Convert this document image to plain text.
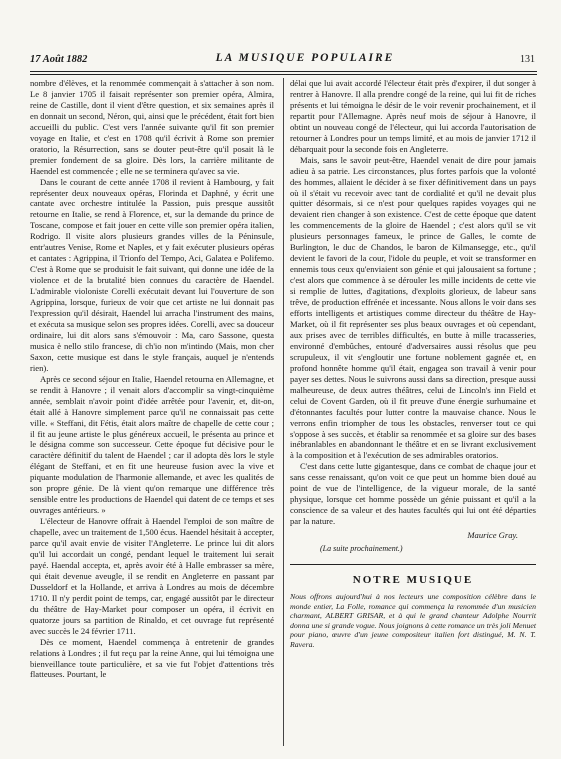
17 Août 1882	LA MUSIQUE POPULAIRE	131

nombre d'élèves, et la renommée commençait à s'attacher à son nom. Le 8 janvier 1705 il faisait représenter son premier opéra, Almira, reine de Castille, dont il vient d'être question, et six semaines après il en donnait un second, Néron, qui, ainsi que le précédent, était fort bien accueilli du public. C'est vers l'année suivante qu'il fit son premier voyage en Italie, et c'est en 1708 qu'il écrivit à Rome son premier oratorio, la Résurrection, sans se douter peut-être qu'il posait là le premier fondement de sa gloire. Dès lors, la carrière militante de Haendel est commencée ; elle ne se terminera qu'avec sa vie.

Dans le courant de cette année 1708 il revient à Hambourg, y fait représenter deux nouveaux opéras, Florinda et Daphné, y écrit une cantate avec orchestre intitulée la Passion, puis presque aussitôt retourne en Italie, se rend à Florence, et, sur la demande du prince de Toscane, compose et fait jouer en cette ville son premier opéra italien, Rodrigo. Il visite alors plusieurs grandes villes de la Péninsule, entr'autres Venise, Rome et Naples, et y fait exécuter plusieurs opéras et cantates : Agrippina, il Trionfo del Tempo, Aci, Galatea e Polifemo. C'est à Rome que se produisit le fait suivant, qui donne une idée de la violence et de la brutalité bien connues du caractère de Haendel. L'admirable violoniste Corelli exécutait devant lui l'ouverture de son Agrippina, lorsque, furieux de voir que cet artiste ne lui donnait pas l'expression qu'il désirait, Haendel lui arracha l'instrument des mains, et exécuta sa musique selon ses propres idées. Corelli, avec sa douceur ordinaire, lui dit alors sans s'émouvoir : Ma, caro Sassone, questa musica è nello stilo francese, di ch'io non m'intindo (Mais, mon cher Saxon, cette musique est dans le style français, auquel je n'entends rien).

Après ce second séjour en Italie, Haendel retourna en Allemagne, et se rendit à Hanovre ; il venait alors d'accomplir sa vingt-cinquième année, semblait n'avoir point d'idée arrêtée pour l'avenir, et, dit-on, était allé à Hanovre simplement parce qu'il ne connaissait pas cette ville. « Steffani, dit Fétis, était alors maître de chapelle de cette cour ; il fit au jeune artiste le plus généreux accueil, le présenta au prince et le désigna comme son successeur. Cette époque fut décisive pour le caractère définitif du talent de Haendel ; car il adopta dès lors le style élégant de Steffani, et en fit une heureuse fusion avec la vive et piquante modulation de l'harmonie allemande, et avec les qualités de son propre génie. De là vient qu'on remarque une différence très sensible entre les productions de Haendel qui datent de ce temps et ses ouvrages antérieurs. »

L'électeur de Hanovre offrait à Haendel l'emploi de son maître de chapelle, avec un traitement de 1,500 écus. Haendel hésitait à accepter, parce qu'il avait envie de visiter l'Angleterre. Le prince lui dit alors qu'il lui accordait un congé, pendant lequel le traitement lui serait payé. Haendal accepta, et, après avoir été à Halle embrasser sa mère, qui était devenue aveugle, il se rendit en Angleterre en passant par Dusseldorf et la Hollande, et arriva à Londres au mois de décembre 1710. Il n'y perdit point de temps, car, engagé aussitôt par le directeur du théâtre de Hay-Market pour composer un opéra, il écrivit en quatorze jours sa partition de Rinaldo, et cet ouvrage fut représenté avec succès le 24 février 1711.

Dès ce moment, Haendel commença à entretenir de grandes relations à Londres ; il fut reçu par la reine Anne, qui lui témoigna une bienveillance toute particulière, et sa vie fut l'objet d'attentions très flatteuses. Pourtant, le

délai que lui avait accordé l'électeur était près d'expirer, il dut songer à rentrer à Hanovre. Il alla prendre congé de la reine, qui lui fit de riches présents et lui témoigna le désir de le voir revenir prochainement, et il repartit pour l'Allemagne. Après neuf mois de séjour à Hanovre, il obtint un nouveau congé de l'électeur, qui lui accorda l'autorisation de retourner à Londres pour un temps limité, et au mois de janvier 1712 il débarquait pour la seconde fois en Angleterre.

Mais, sans le savoir peut-être, Haendel venait de dire pour jamais adieu à sa patrie. Les circonstances, plus fortes parfois que la volonté des hommes, allaient le décider à se fixer définitivement dans un pays où il s'était vu recevoir avec tant de cordialité et qu'il ne devait plus quitter désormais, si ce n'est pour quelques rapides voyages qui ne devaient rien changer à son existence. C'est de cette époque que datent les commencements de la gloire de Haendel ; c'est alors qu'il se vit plusieurs personnages fameux, le prince de Galles, le comte de Burlington, le duc de Chandos, le baron de Kilmansegge, etc., qu'il devient le favori de la cour, l'idole du peuple, et voit se transformer en ennemis tous ceux qu'enviaient son génie et qui jalousaient sa fortune ; c'est alors que commence à se dérouler les mille incidents de cette vie si remplie de luttes, d'agitations, d'exploits glorieux, de labeur sans trêve, de production effrénée et incessante. Nous allons le voir dans ses efforts intelligents et artistiques comme directeur du théâtre de Hay-Market, où il fit représenter ses plus beaux ouvrages et où cependant, aux prises avec de terribles difficultés, en butte à mille tracasseries, environné d'embûches, entouré d'adversaires aussi résolus que peu scrupuleux, il vit s'engloutir une fortune noblement gagnée et, en profond honnête homme qu'il était, engagea son travail à venir pour payer ses dettes. Nous le suivrons aussi dans sa direction, presque aussi malheureuse, de deux autres théâtres, celui de Lincoln's inn Field et celui de Covent Garden, où il fit preuve d'une énergie surhumaine et d'étonnantes facultés pour lutter contre la mauvaise chance. Nous le verrons enfin triompher de tous les obstacles, renverser tout ce qui s'oppose à ses succès, et établir sa renommée et sa gloire sur des bases inébranlables en abandonnant le théâtre et en se livrant exclusivement à la composition et à l'exécution de ses admirables oratorios.

C'est dans cette lutte gigantesque, dans ce combat de chaque jour et sans cesse renaissant, qu'on voit ce que peut un homme bien doué au point de vue de l'intelligence, de la vigueur morale, de la santé physique, lorsque cet homme possède un génie puissant et qu'il a la conscience de sa valeur et des hautes facultés qui lui ont été départies par la nature.

Maurice Gray.

(La suite prochainement.)

NOTRE MUSIQUE
Nous offrons aujourd'hui à nos lecteurs une composition célèbre dans le monde entier, La Folle, romance qui commença la renommée d'un musicien charmant, ALBERT GRISAR, et à qui le grand chanteur Adolphe Nourrit donna une si grande vogue. Nous joignons à cette romance un très joli Menuet pour piano, œuvre d'un jeune compositeur italien fort distingué, M. N. T. Ravera.
